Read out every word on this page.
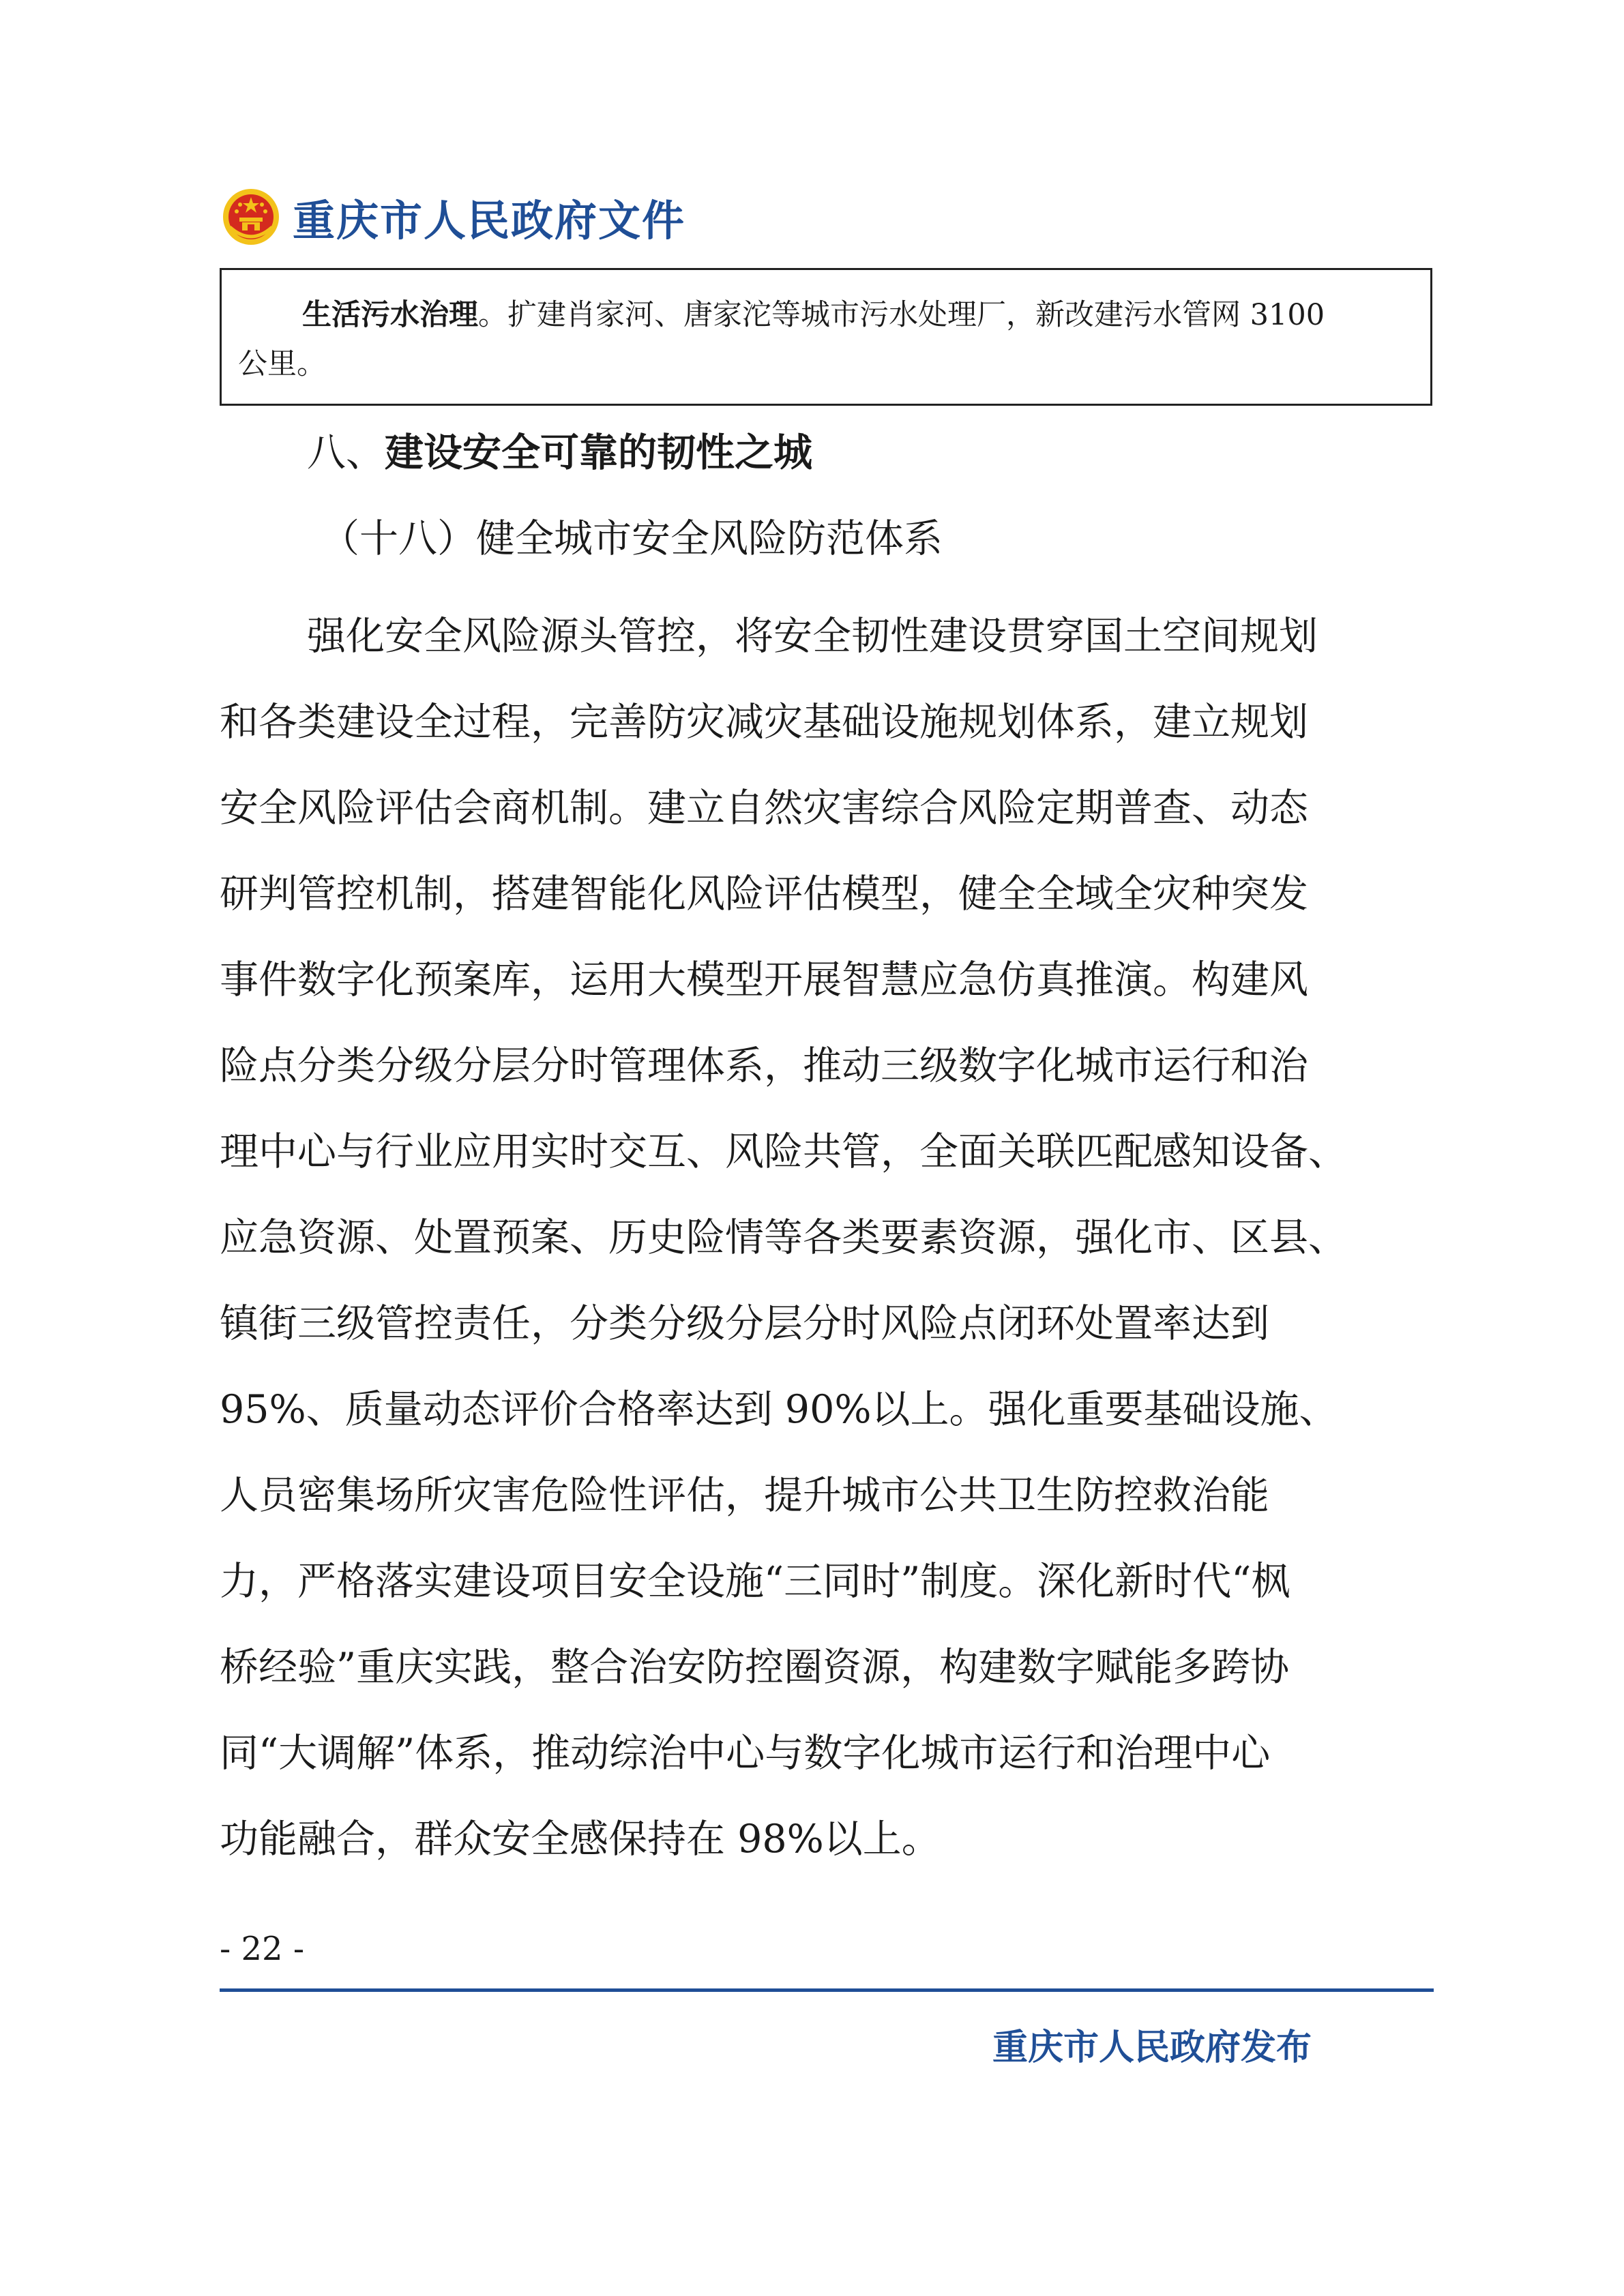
重庆市人民政府文件
生活污水治理。扩建肖家河、唐家沱等城市污水处理厂，新改建污水管网 3100
公里。
八、建设安全可靠的韧性之城
（十八）健全城市安全风险防范体系
强化安全风险源头管控，将安全韧性建设贯穿国土空间规划
和各类建设全过程，完善防灾减灾基础设施规划体系，建立规划
安全风险评估会商机制。建立自然灾害综合风险定期普查、动态
研判管控机制，搭建智能化风险评估模型，健全全域全灾种突发
事件数字化预案库，运用大模型开展智慧应急仿真推演。构建风
险点分类分级分层分时管理体系，推动三级数字化城市运行和治
理中心与行业应用实时交互、风险共管，全面关联匹配感知设备、
应急资源、处置预案、历史险情等各类要素资源，强化市、区县、
镇街三级管控责任，分类分级分层分时风险点闭环处置率达到
95%、质量动态评价合格率达到 90%以上。强化重要基础设施、
人员密集场所灾害危险性评估，提升城市公共卫生防控救治能
力，严格落实建设项目安全设施“三同时”制度。深化新时代“枫
桥经验”重庆实践，整合治安防控圈资源，构建数字赋能多跨协
同“大调解”体系，推动综治中心与数字化城市运行和治理中心
功能融合，群众安全感保持在 98%以上。
- 22 -
重庆市人民政府发布
